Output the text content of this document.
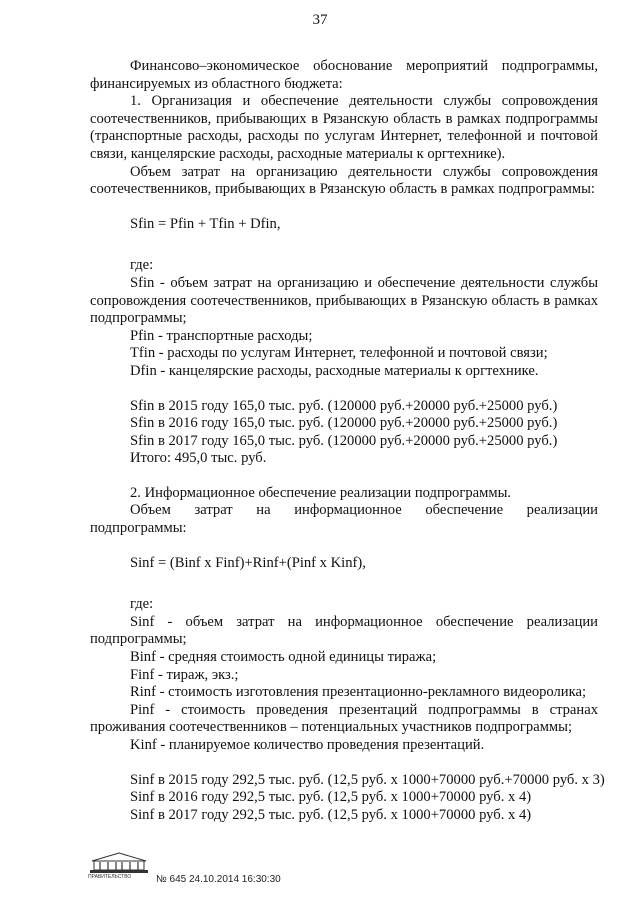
37

Финансово–экономическое обоснование мероприятий подпрограммы, финансируемых из областного бюджета:

1. Организация и обеспечение деятельности службы сопровождения соотечественников, прибывающих в Рязанскую область в рамках подпрограммы (транспортные расходы, расходы по услугам Интернет, телефонной и почтовой связи, канцелярские расходы, расходные материалы к оргтехнике).

Объем затрат на организацию деятельности службы сопровождения соотечественников, прибывающих в Рязанскую область в рамках подпрограммы:

Sfin = Pfin + Tfin + Dfin,

где:

Sfin - объем затрат на организацию и обеспечение деятельности службы сопровождения соотечественников, прибывающих в Рязанскую область в рамках подпрограммы;

Pfin - транспортные расходы;

Tfin - расходы по услугам Интернет, телефонной и почтовой связи;

Dfin - канцелярские расходы, расходные материалы к оргтехнике.

Sfin в 2015 году 165,0 тыс. руб. (120000 руб.+20000 руб.+25000 руб.)

Sfin в 2016 году 165,0 тыс. руб. (120000 руб.+20000 руб.+25000 руб.)

Sfin в 2017 году 165,0 тыс. руб. (120000 руб.+20000 руб.+25000 руб.)

Итого: 495,0 тыс. руб.

2. Информационное обеспечение реализации подпрограммы.

Объем затрат на информационное обеспечение реализации подпрограммы:

Sinf = (Binf x Finf)+Rinf+(Pinf x Kinf),

где:

Sinf - объем затрат на информационное обеспечение реализации подпрограммы;

Binf - средняя стоимость одной единицы тиража;

Finf - тираж, экз.;

Rinf - стоимость изготовления презентационно-рекламного видеоролика;

Pinf - стоимость проведения презентаций подпрограммы в странах проживания соотечественников – потенциальных участников подпрограммы;

Kinf - планируемое количество проведения презентаций.

Sinf в 2015 году 292,5 тыс. руб. (12,5 руб. х 1000+70000 руб.+70000 руб. х 3)

Sinf в 2016 году 292,5 тыс. руб. (12,5 руб. х 1000+70000 руб. х 4)

Sinf в 2017 году 292,5 тыс. руб. (12,5 руб. х 1000+70000 руб. х 4)

ПРАВИТЕЛЬСТВО № 645 24.10.2014 16:30:30
